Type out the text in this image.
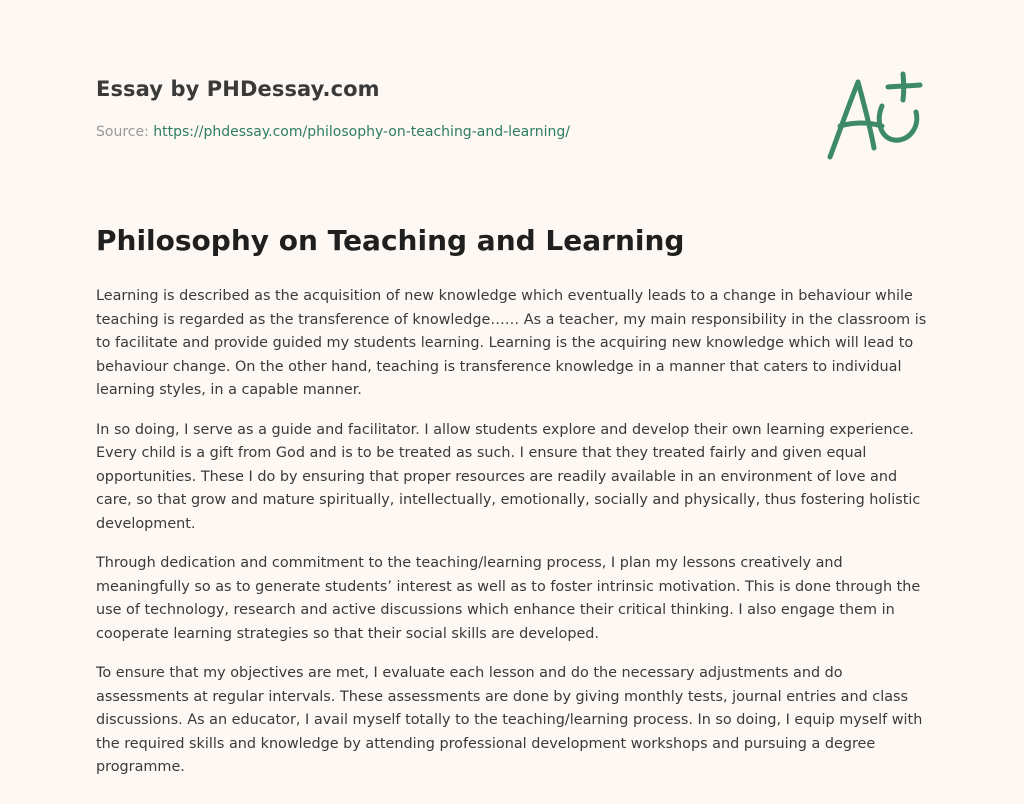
Essay by PHDessay.com
Source: https://phdessay.com/philosophy-on-teaching-and-learning/
Philosophy on Teaching and Learning

Learning is described as the acquisition of new knowledge which eventually leads to a change in behaviour while teaching is regarded as the transference of knowledge…… As a teacher, my main responsibility in the classroom is to facilitate and provide guided my students learning. Learning is the acquiring new knowledge which will lead to behaviour change. On the other hand, teaching is transference knowledge in a manner that caters to individual learning styles, in a capable manner.

In so doing, I serve as a guide and facilitator. I allow students explore and develop their own learning experience. Every child is a gift from God and is to be treated as such. I ensure that they treated fairly and given equal opportunities. These I do by ensuring that proper resources are readily available in an environment of love and care, so that grow and mature spiritually, intellectually, emotionally, socially and physically, thus fostering holistic development.

Through dedication and commitment to the teaching/learning process, I plan my lessons creatively and meaningfully so as to generate students’ interest as well as to foster intrinsic motivation. This is done through the use of technology, research and active discussions which enhance their critical thinking. I also engage them in cooperate learning strategies so that their social skills are developed.

To ensure that my objectives are met, I evaluate each lesson and do the necessary adjustments and do assessments at regular intervals. These assessments are done by giving monthly tests, journal entries and class discussions. As an educator, I avail myself totally to the teaching/learning process. In so doing, I equip myself with the required skills and knowledge by attending professional development workshops and pursuing a degree programme.
